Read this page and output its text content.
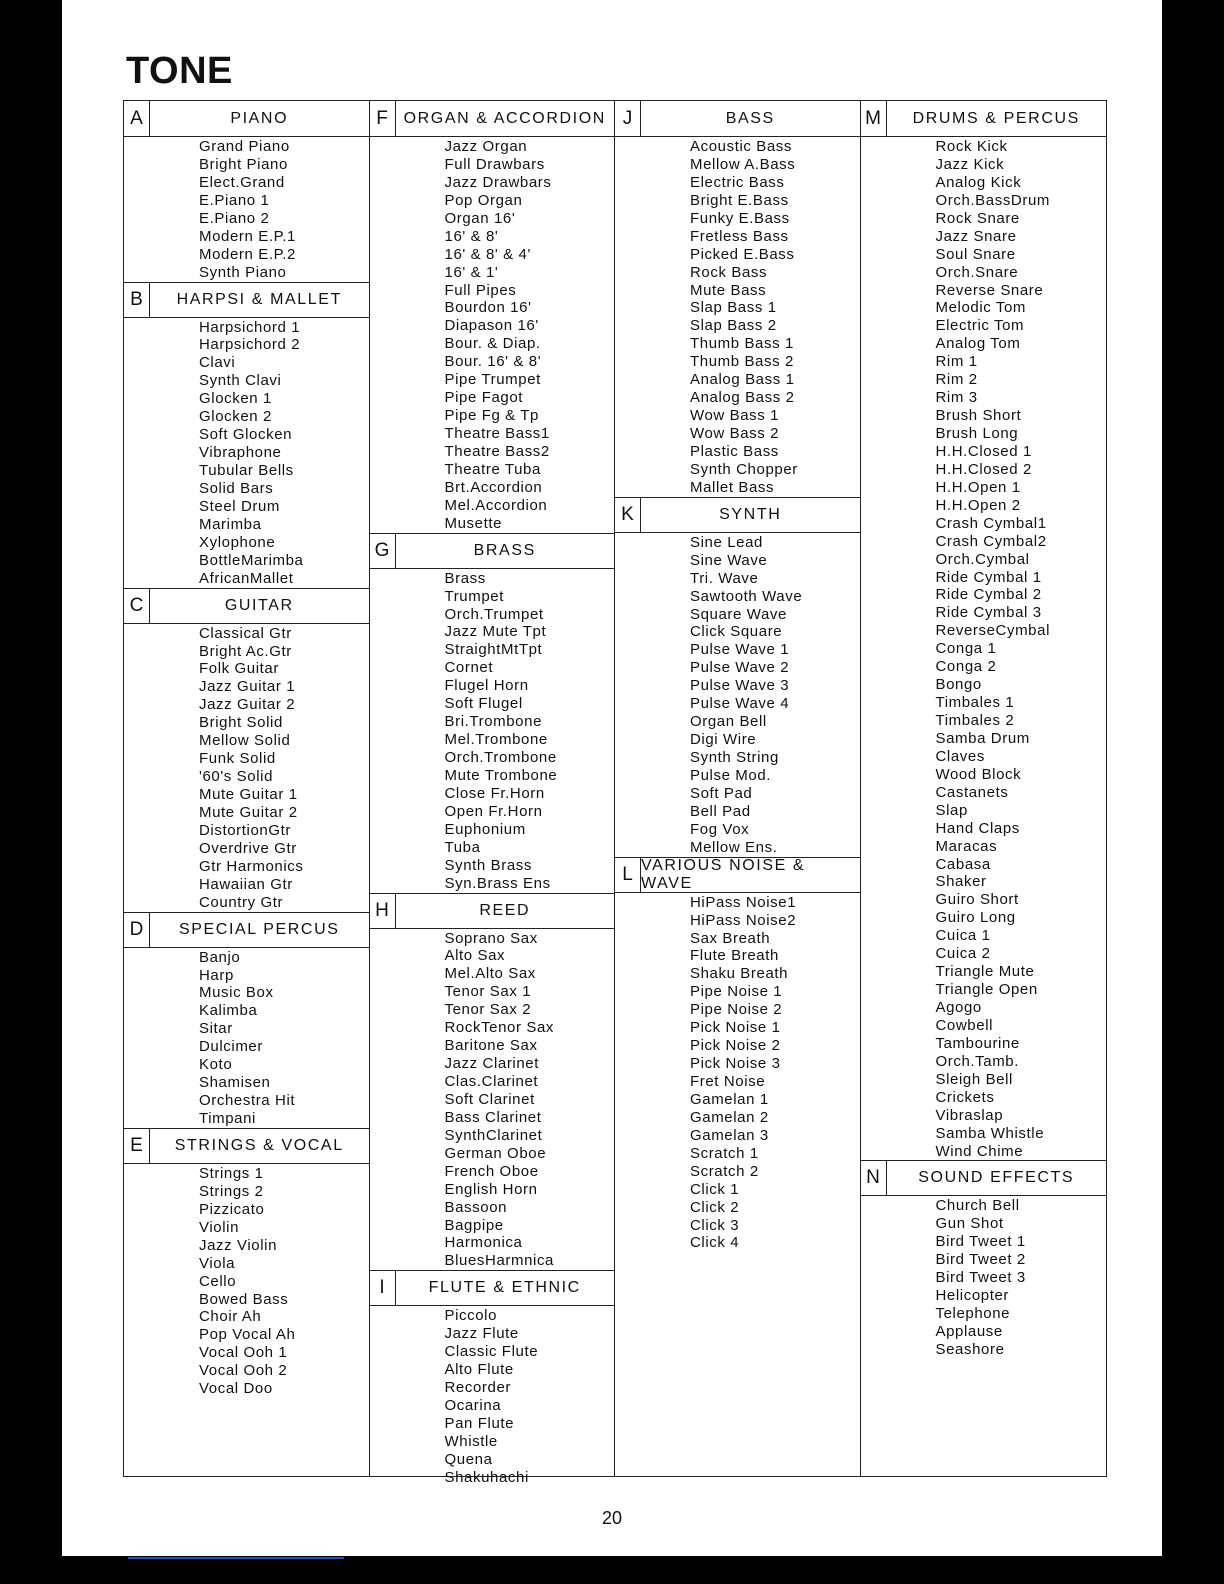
TONE
A	PIANO
Grand Piano
Bright Piano
Elect.Grand
E.Piano 1
E.Piano 2
Modern E.P.1
Modern E.P.2
Synth Piano
B	HARPSI & MALLET
Harpsichord 1
Harpsichord 2
Clavi
Synth Clavi
Glocken 1
Glocken 2
Soft Glocken
Vibraphone
Tubular Bells
Solid Bars
Steel Drum
Marimba
Xylophone
BottleMarimba
AfricanMallet
C	GUITAR
Classical Gtr
Bright Ac.Gtr
Folk Guitar
Jazz Guitar 1
Jazz Guitar 2
Bright Solid
Mellow Solid
Funk Solid
'60's Solid
Mute Guitar 1
Mute Guitar 2
DistortionGtr
Overdrive Gtr
Gtr Harmonics
Hawaiian Gtr
Country Gtr
D	SPECIAL PERCUS
Banjo
Harp
Music Box
Kalimba
Sitar
Dulcimer
Koto
Shamisen
Orchestra Hit
Timpani
E	STRINGS & VOCAL
Strings 1
Strings 2
Pizzicato
Violin
Jazz Violin
Viola
Cello
Bowed Bass
Choir Ah
Pop Vocal Ah
Vocal Ooh 1
Vocal Ooh 2
Vocal Doo
F ORGAN & ACCORDION
Jazz Organ
Full Drawbars
Jazz Drawbars
Pop Organ
Organ 16'
16' & 8'
16' & 8' & 4'
16' & 1'
Full Pipes
Bourdon 16'
Diapason 16'
Bour. & Diap.
Bour. 16' & 8'
Pipe Trumpet
Pipe Fagot
Pipe Fg & Tp
Theatre Bass1
Theatre Bass2
Theatre Tuba
Brt.Accordion
Mel.Accordion
Musette
G	BRASS
Brass
Trumpet
Orch.Trumpet
Jazz Mute Tpt
StraightMtTpt
Cornet
Flugel Horn
Soft Flugel
Bri.Trombone
Mel.Trombone
Orch.Trombone
Mute Trombone
Close Fr.Horn
Open Fr.Horn
Euphonium
Tuba
Synth Brass
Syn.Brass Ens
H	REED
Soprano Sax
Alto Sax
Mel.Alto Sax
Tenor Sax 1
Tenor Sax 2
RockTenor Sax
Baritone Sax
Jazz Clarinet
Clas.Clarinet
Soft Clarinet
Bass Clarinet
SynthClarinet
German Oboe
French Oboe
English Horn
Bassoon
Bagpipe
Harmonica
BluesHarmnica
I	FLUTE & ETHNIC
Piccolo
Jazz Flute
Classic Flute
Alto Flute
Recorder
Ocarina
Pan Flute
Whistle
Quena
Shakuhachi
J	BASS
Acoustic Bass
Mellow A.Bass
Electric Bass
Bright E.Bass
Funky E.Bass
Fretless Bass
Picked E.Bass
Rock Bass
Mute Bass
Slap Bass 1
Slap Bass 2
Thumb Bass 1
Thumb Bass 2
Analog Bass 1
Analog Bass 2
Wow Bass 1
Wow Bass 2
Plastic Bass
Synth Chopper
Mallet Bass
K	SYNTH
Sine Lead
Sine Wave
Tri. Wave
Sawtooth Wave
Square Wave
Click Square
Pulse Wave 1
Pulse Wave 2
Pulse Wave 3
Pulse Wave 4
Organ Bell
Digi Wire
Synth String
Pulse Mod.
Soft Pad
Bell Pad
Fog Vox
Mellow Ens.
L VARIOUS NOISE & WAVE
HiPass Noise1
HiPass Noise2
Sax Breath
Flute Breath
Shaku Breath
Pipe Noise 1
Pipe Noise 2
Pick Noise 1
Pick Noise 2
Pick Noise 3
Fret Noise
Gamelan 1
Gamelan 2
Gamelan 3
Scratch 1
Scratch 2
Click 1
Click 2
Click 3
Click 4
M	DRUMS & PERCUS
Rock Kick
Jazz Kick
Analog Kick
Orch.BassDrum
Rock Snare
Jazz Snare
Soul Snare
Orch.Snare
Reverse Snare
Melodic Tom
Electric Tom
Analog Tom
Rim 1
Rim 2
Rim 3
Brush Short
Brush Long
H.H.Closed 1
H.H.Closed 2
H.H.Open 1
H.H.Open 2
Crash Cymbal1
Crash Cymbal2
Orch.Cymbal
Ride Cymbal 1
Ride Cymbal 2
Ride Cymbal 3
ReverseCymbal
Conga 1
Conga 2
Bongo
Timbales 1
Timbales 2
Samba Drum
Claves
Wood Block
Castanets
Slap
Hand Claps
Maracas
Cabasa
Shaker
Guiro Short
Guiro Long
Cuica 1
Cuica 2
Triangle Mute
Triangle Open
Agogo
Cowbell
Tambourine
Orch.Tamb.
Sleigh Bell
Crickets
Vibraslap
Samba Whistle
Wind Chime
N	SOUND EFFECTS
Church Bell
Gun Shot
Bird Tweet 1
Bird Tweet 2
Bird Tweet 3
Helicopter
Telephone
Applause
Seashore
20
